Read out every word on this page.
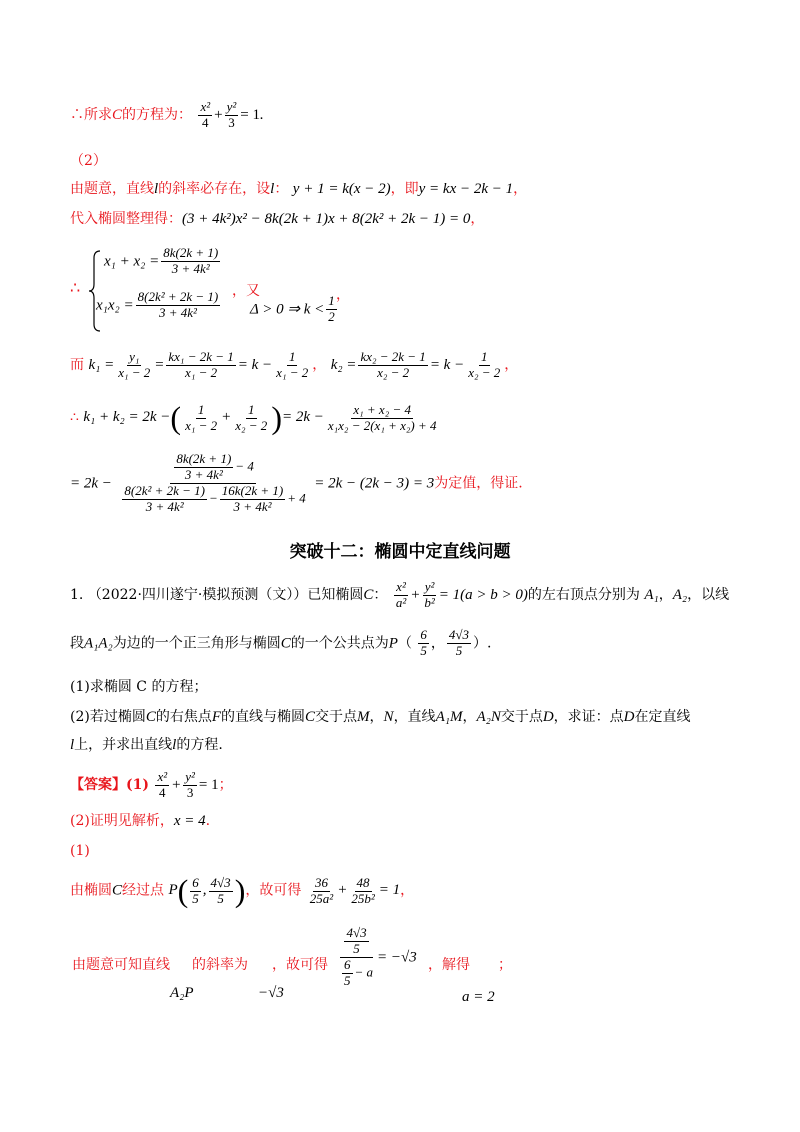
∴所求C的方程为： $\frac{\text{x²}}{4} + \frac{\text{y²}}{3} = 1$.
（2）
由题意，直线l的斜率必存在，设l： y + 1 = k(x − 2)，即y = kx − 2k − 1，
代入椭圆整理得：(3 + 4k²)x² − 8k(2k + 1)x + 8(2k² + 2k − 1) = 0，
∴
$x_1 + x_2 = \frac{8k(2k + 1)}{\text{3 + 4k²}}$
$x_1x_2 = \frac{\text{8(2k² + 2k − 1)}}{\text{3 + 4k²}}$ ，又
Δ > 0 ⇒ $k < \frac{1}{2}$ ，
而 $k_1 = \frac{\text{y₁}}{\text{x₁ − 2}} = \frac{\text{kx₁ − 2k − 1}}{\text{x₁ − 2}} = k - \frac{1}{\text{x₁ − 2}}$ ， $k_2 = \frac{\text{kx₂ − 2k − 1}}{\text{x₂ − 2}} = k - \frac{1}{\text{x₂ − 2}}$ ，
∴ k₁ + k₂ = 2k −( $\frac{1}{\text{x₁ − 2}} + \frac{1}{\text{x₂ − 2}}$ )= $2k - \frac{\text{x₁ + x₂ − 4}}{\text{x₁x₂ − 2(x₁ + x₂) + 4}}$
= $2k - \frac{\frac{8k(2k + 1)}{\text{3 + 4k²}} - 4}{\frac{\text{8(2k² + 2k − 1)}}{\text{3 + 4k²}} - \frac{16k(2k + 1)}{\text{3 + 4k²}} + 4} = 2k - (2k - 3) = 3$为定值，得证.
突破十二：椭圆中定直线问题
1. （2022·四川遂宁·模拟预测（文））已知椭圆C： $\frac{\text{x²}}{\text{a²}} + \frac{\text{y²}}{\text{b²}} = 1(a > b > 0)$的左右顶点分别为 A₁，A₂，以线
段A₁A₂为边的一个正三角形与椭圆C的一个公共点为$P( \frac{6}{5}$ ， $\frac{4√3}{5}$ ）.
(1)求椭圆 C 的方程；
(2)若过椭圆C的右焦点F的直线与椭圆C交于点M，N，直线A₁M，A₂N交于点D，求证：点D在定直线
l上，并求出直线l的方程.
【答案】$(1) \frac{\text{x²}}{4} + \frac{\text{y²}}{3} = 1$；
(2)证明见解析，x = 4.
(1)
由椭圆C经过点 $P( \frac{6}{5}$ , $\frac{4√3}{5}$ )，故可得 $\frac{36}{\text{25a²}} + \frac{48}{\text{25b²}} = 1$，
由题意可知直线 的斜率为 ，故可得 $\frac{\frac{4√3}{5}}{\frac{6}{5} - a} = -√3$ ，解得 ；
A₂P	−√3	a = 2
